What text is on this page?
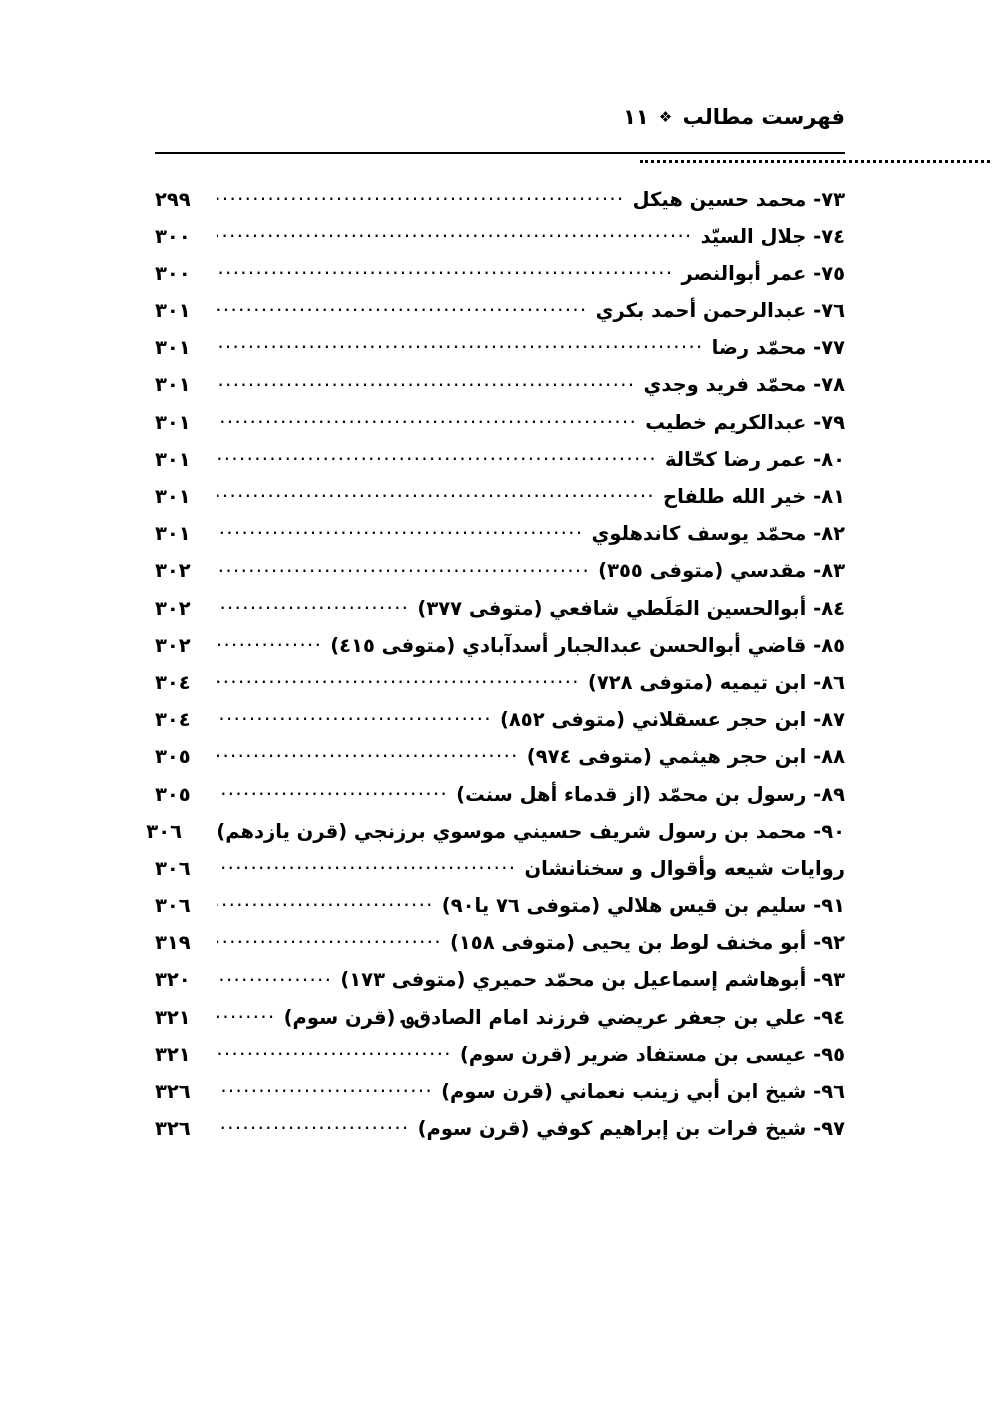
فهرست مطالب
❖
١١
٧٣- محمد حسین هیکل
.....
٢٩٩
٧٤- جلال السیّد
.....
٣٠٠
٧٥- عمر أبوالنصر
.....
٣٠٠
٧٦- عبدالرحمن أحمد بكري
.....
٣٠١
٧٧- محمّد رضا
.....
٣٠١
٧٨- محمّد فرید وجدي
.....
٣٠١
٧٩- عبدالكریم خطیب
.....
٣٠١
٨٠- عمر رضا كحّالة
.....
٣٠١
٨١- خیر الله طلفاح
.....
٣٠١
٨٢- محمّد یوسف كاندهلوي
.....
٣٠١
٨٣- مقدسي (متوفى ٣٥٥)
.....
٣٠٢
٨٤- أبوالحسین المَلَطي شافعي (متوفى ٣٧٧)
.....
٣٠٢
٨٥- قاضي أبوالحسن عبدالجبار أسدآبادي (متوفى ٤١٥)
.....
٣٠٢
٨٦- ابن تیمیه (متوفى ٧٢٨)
.....
٣٠٤
٨٧- ابن حجر عسقلاني (متوفى ٨٥٢)
.....
٣٠٤
٨٨- ابن حجر هیثمي (متوفى ٩٧٤)
.....
٣٠٥
٨٩- رسول بن محمّد (از قدماء أهل سنت)
.....
٣٠٥
٩٠- محمد بن رسول شریف حسیني موسوي برزنجي (قرن یازدهم)
٣٠٦
روایات شیعه وأقوال و سخنانشان
.....
٣٠٦
٩١- سلیم بن قیس هلالي (متوفى ٧٦ یا٩٠)
.....
٣٠٦
٩٢- أبو مخنف لوط بن یحیى (متوفى ١٥٨)
.....
٣١٩
٩٣- أبوهاشم إسماعیل بن محمّد حمیري (متوفى ١٧٣)
.....
٣٢٠
٩٤- علي بن جعفر عریضي فرزند امام الصادق؈ (قرن سوم)
.....
٣٢١
٩٥- عیسى بن مستفاد ضریر (قرن سوم)
.....
٣٢١
٩٦- شیخ ابن أبي زینب نعماني (قرن سوم)
.....
٣٢٦
٩٧- شیخ فرات بن إبراهیم كوفي (قرن سوم)
.....
٣٢٦
